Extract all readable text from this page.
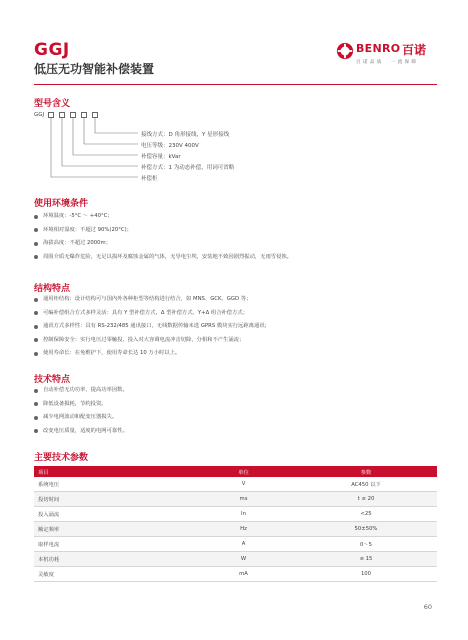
GGJ
低压无功智能补偿装置
BENRO 百诺
百 诺 品 质 　 一 流 保 障
型号含义
GGJ
接线方式：D 角形接线，Y 星形接线
电压等级：230V 400V
补偿容量：kVar
补偿方式：1 为动态补偿，用词可省略
补偿柜
使用环境条件
环境温度：-5°C ～ +40°C；
环境相对湿度：不超过 90%(20°C)；
海拔高度：不超过 2000m；
周围介质无爆炸危险，无足以损坏及腐蚀金属的气体，无导电尘埃，安装地不致因剧烈振动，无雨雪侵蚀。
结构特点
通用柜结构：设计结构可与国内外各种柜型等结构进行结合，如 MNS、GCK、GGD 等；
可编补偿组合方式多样灵活：具有 Y 型补偿方式、Δ 型补偿方式、Y+Δ 组合补偿方式；
通讯方式多样性：具有 RS-232/485 通讯接口，无线数据传输未选 GPRS 模块实行远距离通讯；
控制保障安全：实行电压过零触投，投入对大容调电流冲击切除，分相和不产生涌流；
使用寿命长：在免维护下，使用寿命长达 10 万小时以上。
技术特点
自动补偿无功功率，提高功率因数。
降低设备损耗，节约投资。
减少电网波动和配变压器损失。
改变电压质量，适度的电网可靠性。
主要技术参数
项目	单位	参数
系统电压	V	AC450 以下
投切时间	ms	t ≤ 20
投入涌流	In	<25
额定频率	Hz	50±50%
取样电流	A	0～5
本机功耗	W	≤ 15
灵敏度	mA	100
60
